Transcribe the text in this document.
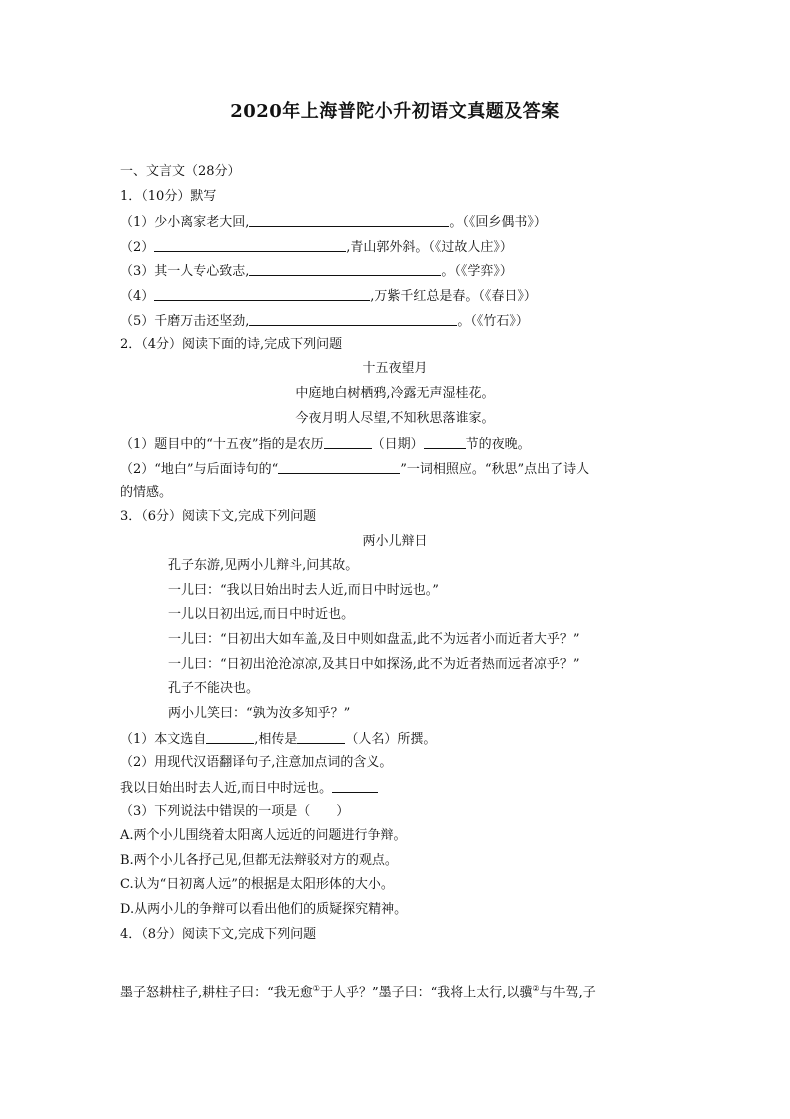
2020年上海普陀小升初语文真题及答案
一、文言文（28分）
1．（10分）默写
（1）少小离家老大回,	。（《回乡偶书》）
（2）	,青山郭外斜。（《过故人庄》）
（3）其一人专心致志,	。（《学弈》）
（4）	,万紫千红总是春。（《春日》）
（5）千磨万击还坚劲,	。（《竹石》）
2．（4分）阅读下面的诗,完成下列问题
十五夜望月
中庭地白树栖鸦,冷露无声湿桂花。
今夜月明人尽望,不知秋思落谁家。
（1）题目中的“十五夜”指的是农历	（日期）	节的夜晚。
（2）“地白”与后面诗句的“	”一词相照应。“秋思”点出了诗人
的情感。
3．（6分）阅读下文,完成下列问题
两小儿辩日
孔子东游,见两小儿辩斗,问其故。
一儿曰：“我以日始出时去人近,而日中时远也。”
一儿以日初出远,而日中时近也。
一儿曰：“日初出大如车盖,及日中则如盘盂,此不为远者小而近者大乎？”
一儿曰：“日初出沧沧凉凉,及其日中如探汤,此不为近者热而远者凉乎？”
孔子不能决也。
两小儿笑曰：“孰为汝多知乎？”
（1）本文选自	,相传是	（人名）所撰。
（2）用现代汉语翻译句子,注意加点词的含义。
我以日始出时去人近,而日中时远也。
（3）下列说法中错误的一项是（　　）
A.两个小儿围绕着太阳离人远近的问题进行争辩。
B.两个小儿各抒己见,但都无法辩驳对方的观点。
C.认为“日初离人远”的根据是太阳形体的大小。
D.从两小儿的争辩可以看出他们的质疑探究精神。
4．（8分）阅读下文,完成下列问题
墨子怒耕柱子,耕柱子曰：“我无愈①于人乎？”墨子曰：“我将上太行,以骥②与牛驾,子
